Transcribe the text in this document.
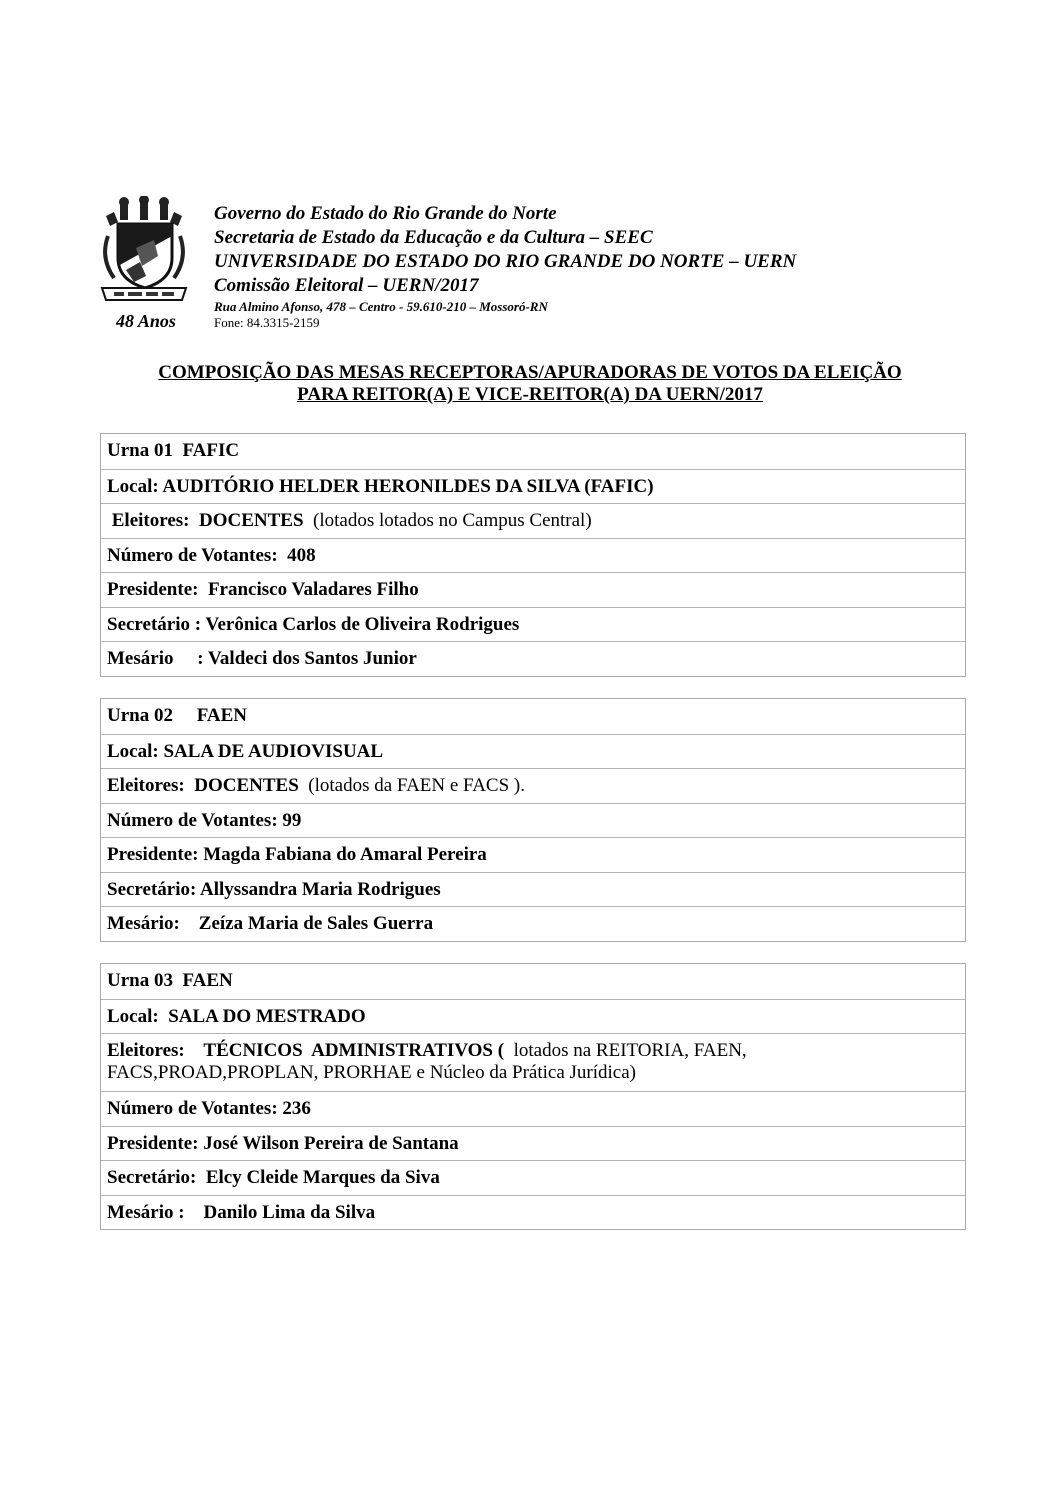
48 Anos
Governo do Estado do Rio Grande do Norte
Secretaria de Estado da Educação e da Cultura – SEEC
UNIVERSIDADE DO ESTADO DO RIO GRANDE DO NORTE – UERN
Comissão Eleitoral – UERN/2017
Rua Almino Afonso, 478 – Centro - 59.610-210 – Mossoró-RN
Fone: 84.3315-2159
COMPOSIÇÃO DAS MESAS RECEPTORAS/APURADORAS DE VOTOS DA ELEIÇÃO
PARA REITOR(A) E VICE-REITOR(A) DA UERN/2017
Urna 01  FAFIC
Local: AUDITÓRIO HELDER HERONILDES DA SILVA (FAFIC)
Eleitores:  DOCENTES  (lotados lotados no Campus Central)
Número de Votantes:  408
Presidente:  Francisco Valadares Filho
Secretário : Verônica Carlos de Oliveira Rodrigues
Mesário     : Valdeci dos Santos Junior
Urna 02     FAEN
Local: SALA DE AUDIOVISUAL
Eleitores:  DOCENTES  (lotados da FAEN e FACS ).
Número de Votantes: 99
Presidente: Magda Fabiana do Amaral Pereira
Secretário: Allyssandra Maria Rodrigues
Mesário:    Zeíza Maria de Sales Guerra
Urna 03  FAEN
Local:  SALA DO MESTRADO
Eleitores:    TÉCNICOS  ADMINISTRATIVOS (  lotados na REITORIA, FAEN, FACS,PROAD,PROPLAN, PRORHAE e Núcleo da Prática Jurídica)
Número de Votantes: 236
Presidente: José Wilson Pereira de Santana
Secretário:  Elcy Cleide Marques da Siva
Mesário :    Danilo Lima da Silva
